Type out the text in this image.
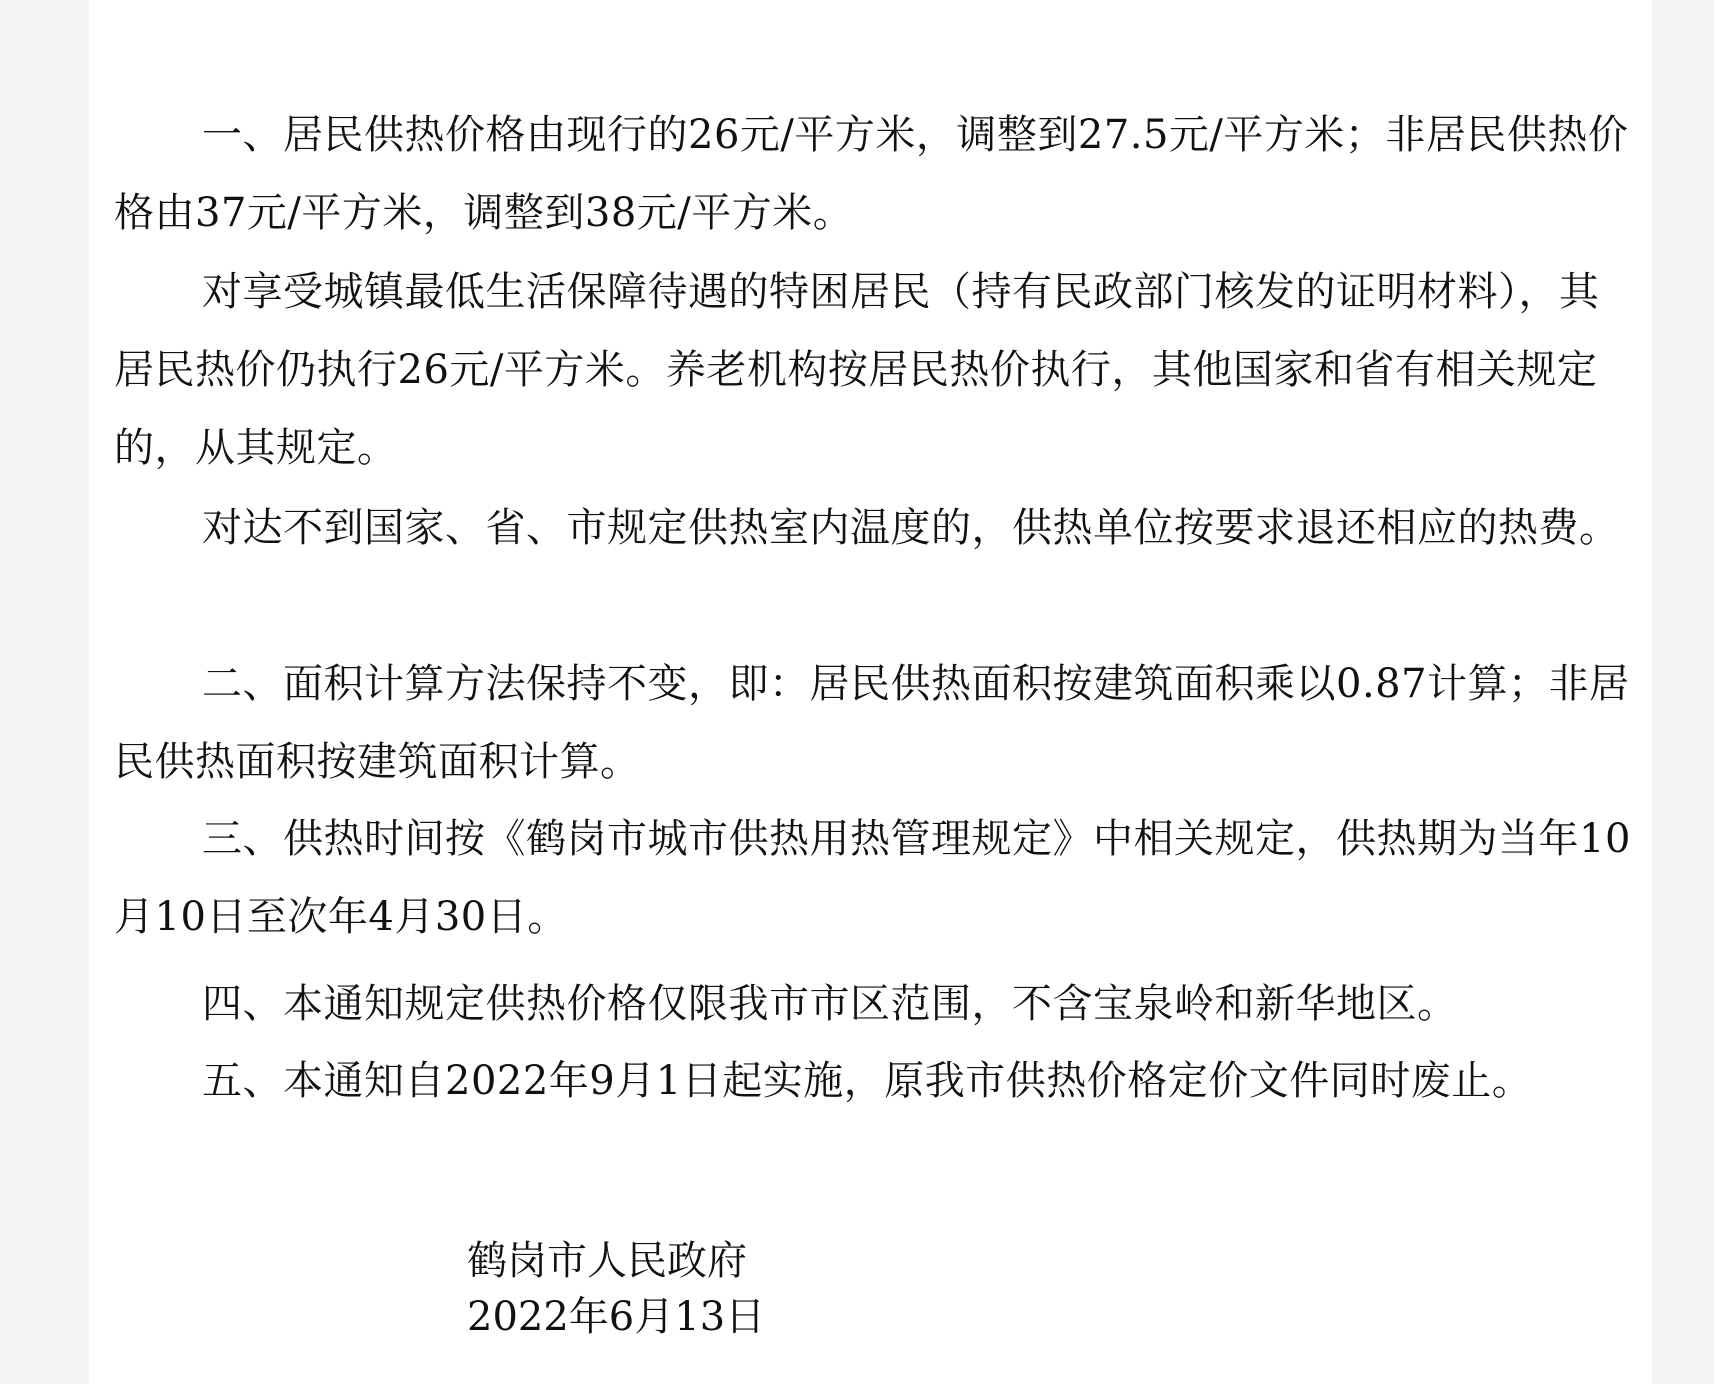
一、居民供热价格由现行的26元/平方米，调整到27.5元/平方米；非居民供热价格由37元/平方米，调整到38元/平方米。

对享受城镇最低生活保障待遇的特困居民（持有民政部门核发的证明材料），其居民热价仍执行26元/平方米。养老机构按居民热价执行，其他国家和省有相关规定的，从其规定。

对达不到国家、省、市规定供热室内温度的，供热单位按要求退还相应的热费。

二、面积计算方法保持不变，即：居民供热面积按建筑面积乘以0.87计算；非居民供热面积按建筑面积计算。

三、供热时间按《鹤岗市城市供热用热管理规定》中相关规定，供热期为当年10月10日至次年4月30日。

四、本通知规定供热价格仅限我市市区范围，不含宝泉岭和新华地区。

五、本通知自2022年9月1日起实施，原我市供热价格定价文件同时废止。

鹤岗市人民政府
2022年6月13日
